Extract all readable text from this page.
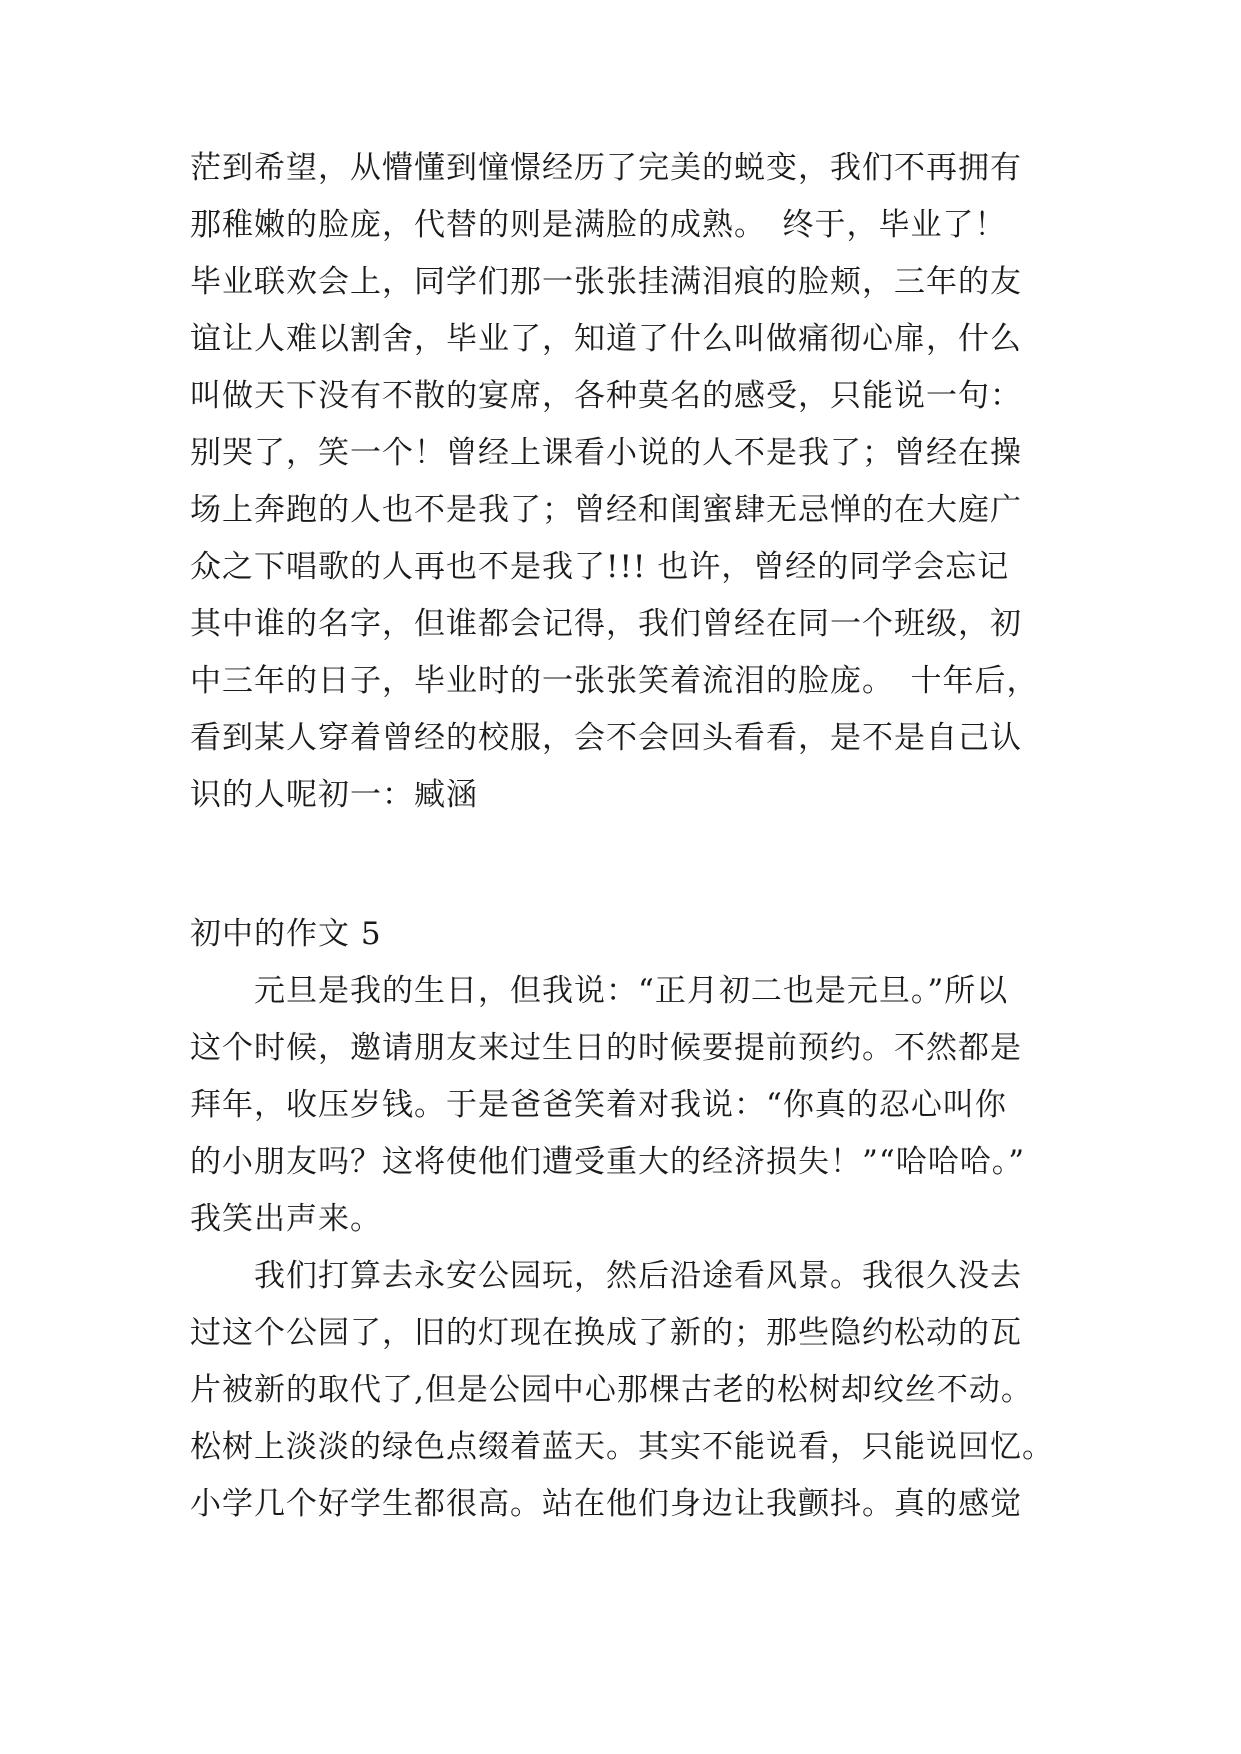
茫到希望，从懵懂到憧憬经历了完美的蜕变，我们不再拥有
那稚嫩的脸庞，代替的则是满脸的成熟。　终于，毕业了！
毕业联欢会上，同学们那一张张挂满泪痕的脸颊，三年的友
谊让人难以割舍，毕业了，知道了什么叫做痛彻心扉，什么
叫做天下没有不散的宴席，各种莫名的感受，只能说一句：
别哭了，笑一个！曾经上课看小说的人不是我了；曾经在操
场上奔跑的人也不是我了；曾经和闺蜜肆无忌惮的在大庭广
众之下唱歌的人再也不是我了!!! 也许，曾经的同学会忘记
其中谁的名字，但谁都会记得，我们曾经在同一个班级，初
中三年的日子，毕业时的一张张笑着流泪的脸庞。　十年后，
看到某人穿着曾经的校服，会不会回头看看，是不是自己认
识的人呢初一：臧涵
初中的作文 5
　　元旦是我的生日，但我说：“正月初二也是元旦。”所以
这个时候，邀请朋友来过生日的时候要提前预约。不然都是
拜年，收压岁钱。于是爸爸笑着对我说：“你真的忍心叫你
的小朋友吗？这将使他们遭受重大的经济损失！”“哈哈哈。”
我笑出声来。
　　我们打算去永安公园玩，然后沿途看风景。我很久没去
过这个公园了，旧的灯现在换成了新的；那些隐约松动的瓦
片被新的取代了,但是公园中心那棵古老的松树却纹丝不动。
松树上淡淡的绿色点缀着蓝天。其实不能说看，只能说回忆。
小学几个好学生都很高。站在他们身边让我颤抖。真的感觉
